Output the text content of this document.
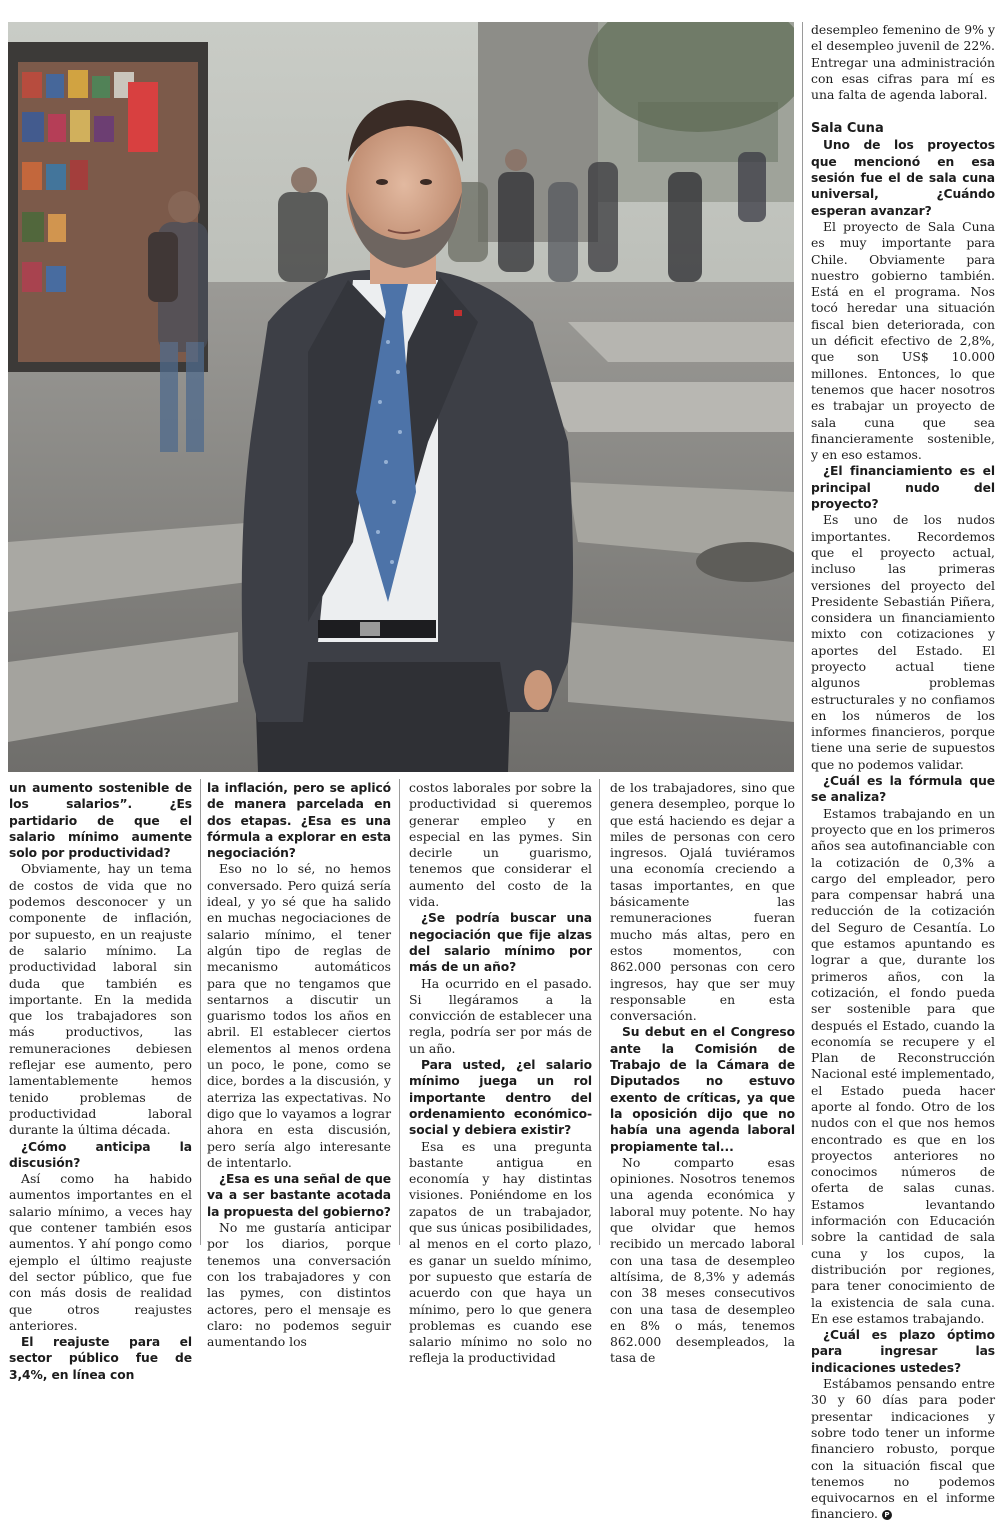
un aumento sostenible de los salarios”. ¿Es partidario de que el salario mínimo aumente solo por productividad?

Obviamente, hay un tema de costos de vida que no podemos desconocer y un componente de inflación, por supuesto, en un reajuste de salario mínimo. La productividad laboral sin duda que también es importante. En la medida que los trabajadores son más productivos, las remuneraciones debiesen reflejar ese aumento, pero lamentablemente hemos tenido problemas de productividad laboral durante la última década.

¿Cómo anticipa la discusión?

Así como ha habido aumentos importantes en el salario mínimo, a veces hay que contener también esos aumentos. Y ahí pongo como ejemplo el último reajuste del sector público, que fue con más dosis de realidad que otros reajustes anteriores.

El reajuste para el sector público fue de 3,4%, en línea con
la inflación, pero se aplicó de manera parcelada en dos etapas. ¿Esa es una fórmula a explorar en esta negociación?

Eso no lo sé, no hemos conversado. Pero quizá sería ideal, y yo sé que ha salido en muchas negociaciones de salario mínimo, el tener algún tipo de reglas de mecanismo automáticos para que no tengamos que sentarnos a discutir un guarismo todos los años en abril. El establecer ciertos elementos al menos ordena un poco, le pone, como se dice, bordes a la discusión, y aterriza las expectativas. No digo que lo vayamos a lograr ahora en esta discusión, pero sería algo interesante de intentarlo.

¿Esa es una señal de que va a ser bastante acotada la propuesta del gobierno?

No me gustaría anticipar por los diarios, porque tenemos una conversación con los trabajadores y con las pymes, con distintos actores, pero el mensaje es claro: no podemos seguir aumentando los

costos laborales por sobre la productividad si queremos generar empleo y en especial en las pymes. Sin decirle un guarismo, tenemos que considerar el aumento del costo de la vida.

¿Se podría buscar una negociación que fije alzas del salario mínimo por más de un año?

Ha ocurrido en el pasado. Si llegáramos a la convicción de establecer una regla, podría ser por más de un año.

Para usted, ¿el salario mínimo juega un rol importante dentro del ordenamiento económico-social y debiera existir?

Esa es una pregunta bastante antigua en economía y hay distintas visiones. Poniéndome en los zapatos de un trabajador, que sus únicas posibilidades, al menos en el corto plazo, es ganar un sueldo mínimo, por supuesto que estaría de acuerdo con que haya un mínimo, pero lo que genera problemas es cuando ese salario mínimo no solo no refleja la productividad

de los trabajadores, sino que genera desempleo, porque lo que está haciendo es dejar a miles de personas con cero ingresos. Ojalá tuviéramos una economía creciendo a tasas importantes, en que básicamente las remuneraciones fueran mucho más altas, pero en estos momentos, con 862.000 personas con cero ingresos, hay que ser muy responsable en esta conversación.

Su debut en el Congreso ante la Comisión de Trabajo de la Cámara de Diputados no estuvo exento de críticas, ya que la oposición dijo que no había una agenda laboral propiamente tal...

No comparto esas opiniones. Nosotros tenemos una agenda económica y laboral muy potente. No hay que olvidar que hemos recibido un mercado laboral con una tasa de desempleo altísima, de 8,3% y además con 38 meses consecutivos con una tasa de desempleo en 8% o más, tenemos 862.000 desempleados, la tasa de

desempleo femenino de 9% y el desempleo juvenil de 22%. Entregar una administración con esas cifras para mí es una falta de agenda laboral.

Sala Cuna
Uno de los proyectos que mencionó en esa sesión fue el de sala cuna universal, ¿Cuándo esperan avanzar?

El proyecto de Sala Cuna es muy importante para Chile. Obviamente para nuestro gobierno también. Está en el programa. Nos tocó heredar una situación fiscal bien deteriorada, con un déficit efectivo de 2,8%, que son US$ 10.000 millones. Entonces, lo que tenemos que hacer nosotros es trabajar un proyecto de sala cuna que sea financieramente sostenible, y en eso estamos.

¿El financiamiento es el principal nudo del proyecto?

Es uno de los nudos importantes. Recordemos que el proyecto actual, incluso las primeras versiones del proyecto del Presidente Sebastián Piñera, considera un financiamiento mixto con cotizaciones y aportes del Estado. El proyecto actual tiene algunos problemas estructurales y no confiamos en los números de los informes financieros, porque tiene una serie de supuestos que no podemos validar.

¿Cuál es la fórmula que se analiza?

Estamos trabajando en un proyecto que en los primeros años sea autofinanciable con la cotización de 0,3% a cargo del empleador, pero para compensar habrá una reducción de la cotización del Seguro de Cesantía. Lo que estamos apuntando es lograr a que, durante los primeros años, con la cotización, el fondo pueda ser sostenible para que después el Estado, cuando la economía se recupere y el Plan de Reconstrucción Nacional esté implementado, el Estado pueda hacer aporte al fondo. Otro de los nudos con el que nos hemos encontrado es que en los proyectos anteriores no conocimos números de oferta de salas cunas. Estamos levantando información con Educación sobre la cantidad de sala cuna y los cupos, la distribución por regiones, para tener conocimiento de la existencia de sala cuna. En ese estamos trabajando.

¿Cuál es plazo óptimo para ingresar las indicaciones ustedes?

Estábamos pensando entre 30 y 60 días para poder presentar indicaciones y sobre todo tener un informe financiero robusto, porque con la situación fiscal que tenemos no podemos equivocarnos en el informe financiero. P
